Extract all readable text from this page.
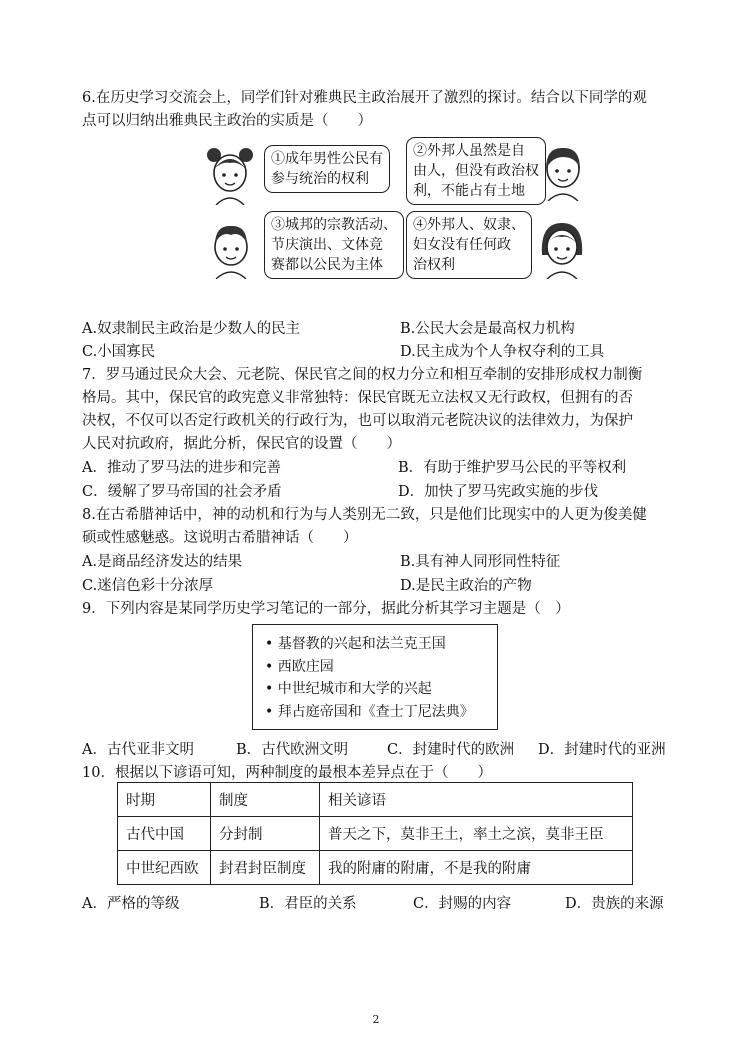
6.在历史学习交流会上，同学们针对雅典民主政治展开了激烈的探讨。结合以下同学的观
点可以归纳出雅典民主政治的实质是（　　）
①成年男性公民有
参与统治的权利
②外邦人虽然是自
由人，但没有政治权
利，不能占有土地
③城邦的宗教活动、
节庆演出、文体竞
赛都以公民为主体
④外邦人、奴隶、
妇女没有任何政
治权利
A.奴隶制民主政治是少数人的民主	B.公民大会是最高权力机构
C.小国寡民	D.民主成为个人争权夺利的工具
7．罗马通过民众大会、元老院、保民官之间的权力分立和相互牵制的安排形成权力制衡
格局。其中，保民官的政宪意义非常独特：保民官既无立法权又无行政权，但拥有的否
决权，不仅可以否定行政机关的行政行为，也可以取消元老院决议的法律效力，为保护
人民对抗政府，据此分析，保民官的设置（　　）
A．推动了罗马法的进步和完善	B．有助于维护罗马公民的平等权利
C．缓解了罗马帝国的社会矛盾	D．加快了罗马宪政实施的步伐
8.在古希腊神话中，神的动机和行为与人类别无二致，只是他们比现实中的人更为俊美健
硕或性感魅惑。这说明古希腊神话（　　）
A.是商品经济发达的结果	B.具有神人同形同性特征
C.迷信色彩十分浓厚	D.是民主政治的产物
9．下列内容是某同学历史学习笔记的一部分，据此分析其学习主题是（　）
• 基督教的兴起和法兰克王国
• 西欧庄园
• 中世纪城市和大学的兴起
• 拜占庭帝国和《查士丁尼法典》
A．古代亚非文明	B．古代欧洲文明	C．封建时代的欧洲 D．封建时代的亚洲
10．根据以下谚语可知，两种制度的最根本差异点在于（　　）
时期	制度	相关谚语
古代中国	分封制	普天之下，莫非王土，率土之滨，莫非王臣
中世纪西欧	封君封臣制度	我的附庸的附庸，不是我的附庸
A．严格的等级	B．君臣的关系	C．封赐的内容	D．贵族的来源
2
